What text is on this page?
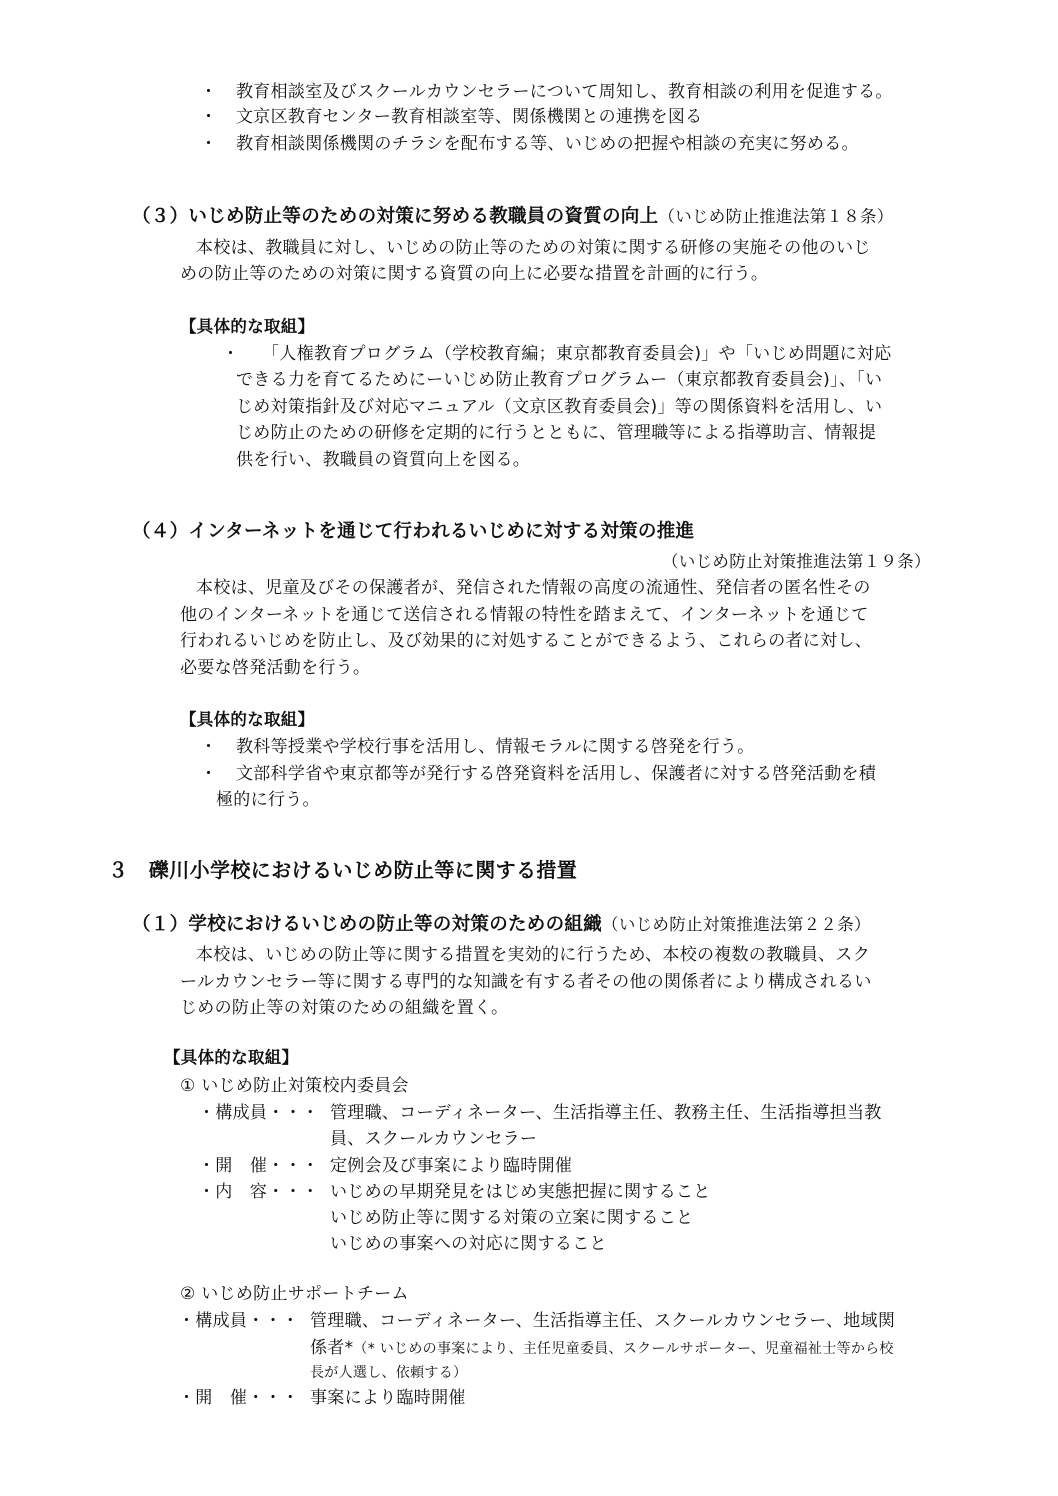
・ 教育相談室及びスクールカウンセラーについて周知し、教育相談の利用を促進する。
・ 文京区教育センター教育相談室等、関係機関との連携を図る
・ 教育相談関係機関のチラシを配布する等、いじめの把握や相談の充実に努める。
（３）いじめ防止等のための対策に努める教職員の資質の向上（いじめ防止推進法第１８条）
本校は、教職員に対し、いじめの防止等のための対策に関する研修の実施その他のいじ
めの防止等のための対策に関する資質の向上に必要な措置を計画的に行う。
【具体的な取組】
・ 「人権教育プログラム（学校教育編；東京都教育委員会)」や「いじめ問題に対応
できる力を育てるためにーいじめ防止教育プログラムー（東京都教育委員会)」、「い
じめ対策指針及び対応マニュアル（文京区教育委員会)」等の関係資料を活用し、い
じめ防止のための研修を定期的に行うとともに、管理職等による指導助言、情報提
供を行い、教職員の資質向上を図る。
（４）インターネットを通じて行われるいじめに対する対策の推進
（いじめ防止対策推進法第１９条）
本校は、児童及びその保護者が、発信された情報の高度の流通性、発信者の匿名性その
他のインターネットを通じて送信される情報の特性を踏まえて、インターネットを通じて
行われるいじめを防止し、及び効果的に対処することができるよう、これらの者に対し、
必要な啓発活動を行う。
【具体的な取組】
・ 教科等授業や学校行事を活用し、情報モラルに関する啓発を行う。
・ 文部科学省や東京都等が発行する啓発資料を活用し、保護者に対する啓発活動を積
極的に行う。
３　礫川小学校におけるいじめ防止等に関する措置
（１）学校におけるいじめの防止等の対策のための組織（いじめ防止対策推進法第２２条）
本校は、いじめの防止等に関する措置を実効的に行うため、本校の複数の教職員、スク
ールカウンセラー等に関する専門的な知識を有する者その他の関係者により構成されるい
じめの防止等の対策のための組織を置く。
【具体的な取組】
① いじめ防止対策校内委員会
・構成員・・・ 管理職、コーディネーター、生活指導主任、教務主任、生活指導担当教
員、スクールカウンセラー
・開　催・・・ 定例会及び事案により臨時開催
・内　容・・・ いじめの早期発見をはじめ実態把握に関すること
いじめ防止等に関する対策の立案に関すること
いじめの事案への対応に関すること
② いじめ防止サポートチーム
・構成員・・・ 管理職、コーディネーター、生活指導主任、スクールカウンセラー、地域関
係者*（* いじめの事案により、主任児童委員、スクールサポーター、児童福祉士等から校
長が人選し、依頼する）
・開　催・・・ 事案により臨時開催
